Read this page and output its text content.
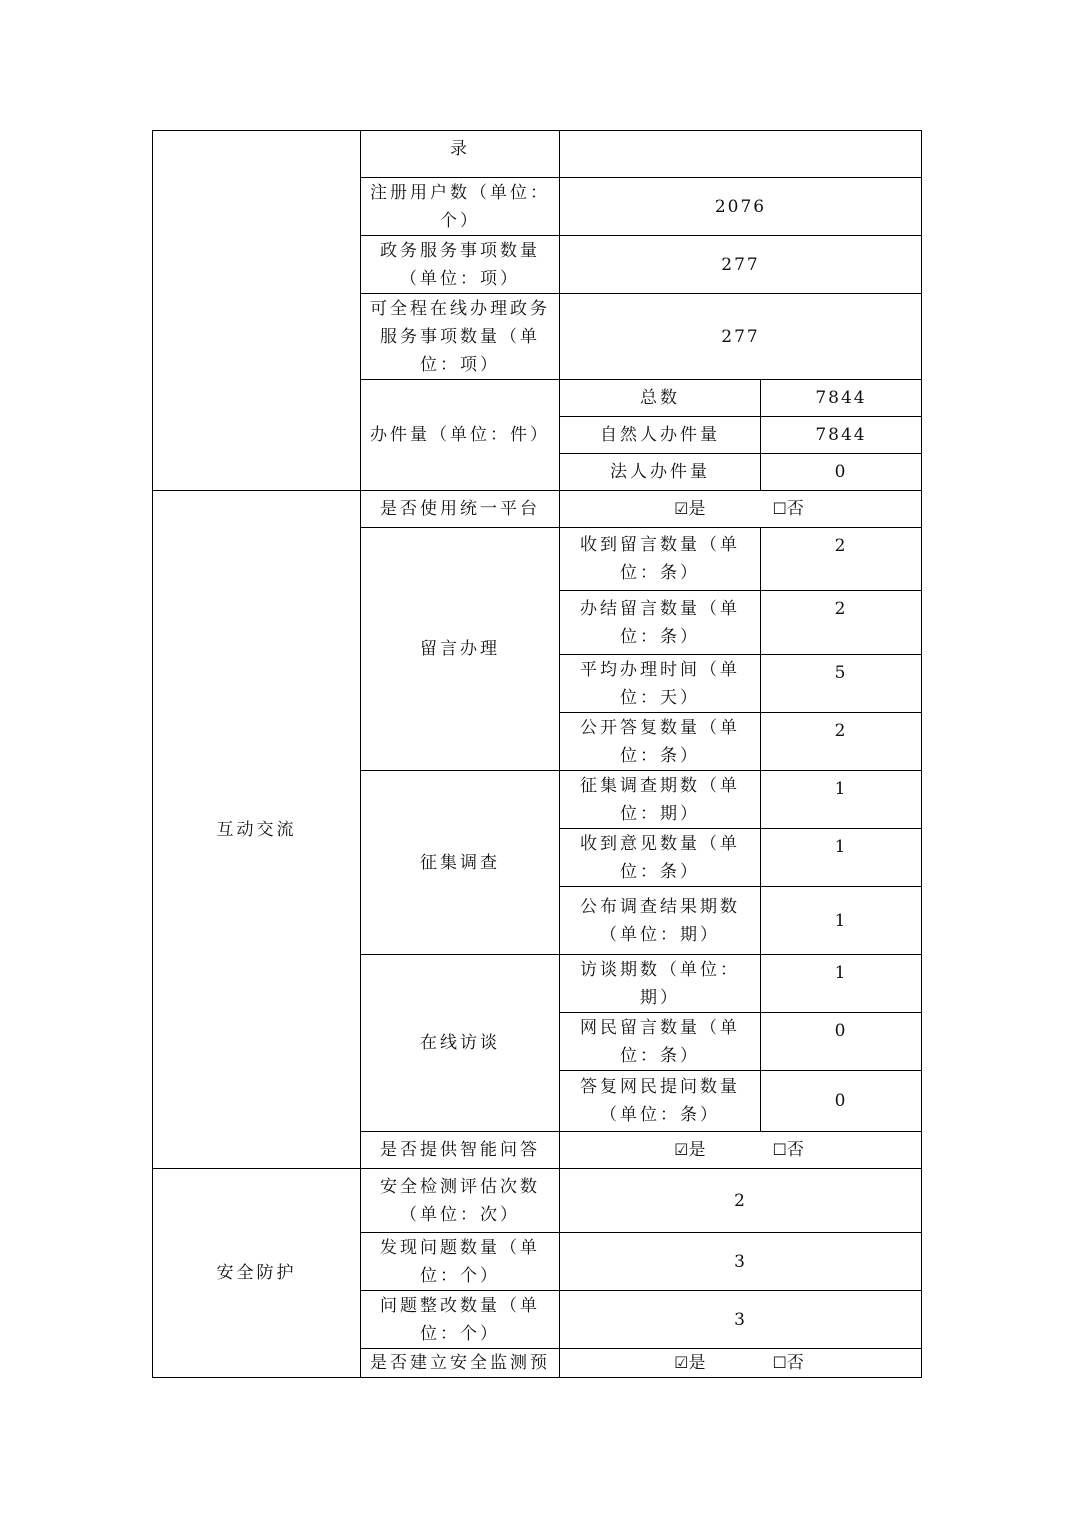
	录		
	注册用户数（单位：个）	2076	
	政务服务事项数量（单位：项）	277	
	可全程在线办理政务服务事项数量（单位：项）	277	
	办件量（单位：件）	总数	7844
		自然人办件量	7844
		法人办件量	0

互动交流	是否使用统一平台	☑是 ☐否	
	留言办理	收到留言数量（单位：条）	2
		办结留言数量（单位：条）	2
		平均办理时间（单位：天）	5
		公开答复数量（单位：条）	2
	征集调查	征集调查期数（单位：期）	1
		收到意见数量（单位：条）	1
		公布调查结果期数（单位：期）	1
	在线访谈	访谈期数（单位：期）	1
		网民留言数量（单位：条）	0
		答复网民提问数量（单位：条）	0
	是否提供智能问答	☑是 ☐否	

安全防护	安全检测评估次数（单位：次）	2	
	发现问题数量（单位：个）	3	
	问题整改数量（单位：个）	3	
	是否建立安全监测预	☑是 ☐否	
